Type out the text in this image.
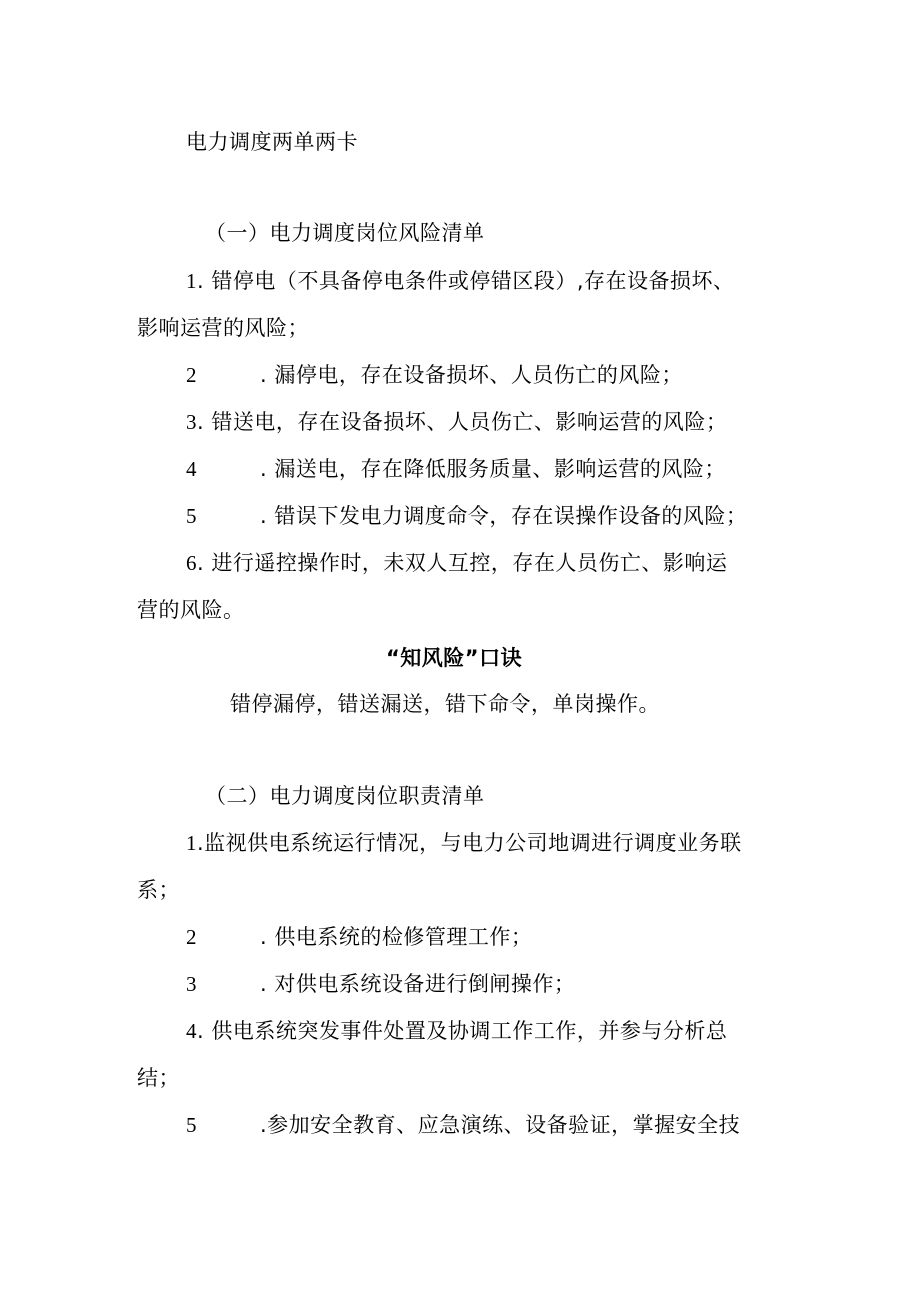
电力调度两单两卡
（一）电力调度岗位风险清单
1. 错停电（不具备停电条件或停错区段）,存在设备损坏、
影响运营的风险；
2	. 漏停电，存在设备损坏、人员伤亡的风险；
3. 错送电，存在设备损坏、人员伤亡、影响运营的风险；
4	. 漏送电，存在降低服务质量、影响运营的风险；
5	. 错误下发电力调度命令，存在误操作设备的风险；
6. 进行遥控操作时，未双人互控，存在人员伤亡、影响运
营的风险。
“知风险”口诀
错停漏停，错送漏送，错下命令，单岗操作。
（二）电力调度岗位职责清单
1.监视供电系统运行情况，与电力公司地调进行调度业务联
系；
2	. 供电系统的检修管理工作；
3	. 对供电系统设备进行倒闸操作；
4. 供电系统突发事件处置及协调工作工作，并参与分析总
结；
5	.参加安全教育、应急演练、设备验证，掌握安全技
